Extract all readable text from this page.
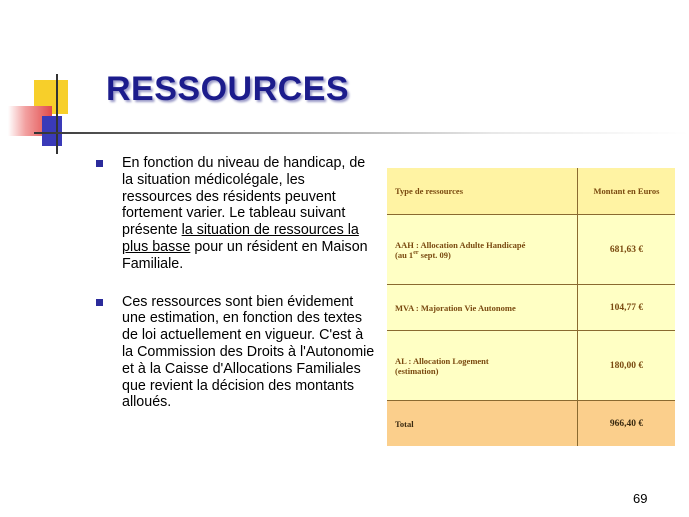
RESSOURCES
En fonction du niveau de handicap, de la situation médicolégale, les ressources des résidents peuvent fortement varier. Le tableau suivant présente la situation de ressources la plus basse pour un résident en Maison Familiale.
Ces ressources sont bien évidement une estimation, en fonction des textes de loi actuellement en vigueur. C'est à la Commission des Droits à l'Autonomie et à la Caisse d'Allocations Familiales que revient la décision des montants alloués.
Type de ressources	Montant en Euros
AAH : Allocation Adulte Handicapé
(au 1er sept. 09)	681,63 €
MVA : Majoration Vie Autonome	104,77 €
AL : Allocation Logement
(estimation)	180,00 €
Total	966,40 €
69
